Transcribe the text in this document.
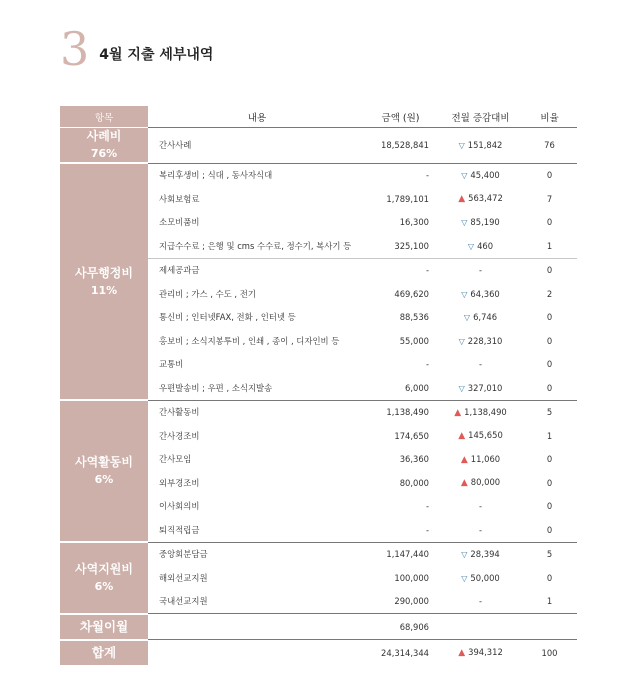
3 4월 지출 세부내역
항목		내용	금액 (원)	전월 증감대비	비율

사례비
76%		간사사례	18,528,841	▽ 151,842	76

사무행정비
11%		복리후생비 ; 식대 , 동사자식대	-	▽ 45,400	0
		사회보험료	1,789,101	▲ 563,472	7
		소모비품비	16,300	▽ 85,190	0
		지급수수료 ; 은행 및 cms 수수료, 정수기, 복사기 등	325,100	▽ 460	1
		제세공과금	-	-	0
		관리비 ; 가스 , 수도 , 전기	469,620	▽ 64,360	2
		통신비 ; 인터넷FAX, 전화 , 인터넷 등	88,536	▽ 6,746	0
		홍보비 ; 소식지봉투비 , 인쇄 , 종이 , 디자인비 등	55,000	▽ 228,310	0
		교통비	-	-	0
		우편발송비 ; 우편 , 소식지발송	6,000	▽ 327,010	0

사역활동비
6%		간사활동비	1,138,490	▲ 1,138,490	5
		간사경조비	174,650	▲ 145,650	1
		간사모임	36,360	▲ 11,060	0
		외부경조비	80,000	▲ 80,000	0
		이사회의비	-	-	0
		퇴직적립금	-	-	0

사역지원비
6%		중앙회분담금	1,147,440	▽ 28,394	5
		해외선교지원	100,000	▽ 50,000	0
		국내선교지원	290,000	-	1
차월이월			68,906		
합계			24,314,344	▲ 394,312	100
